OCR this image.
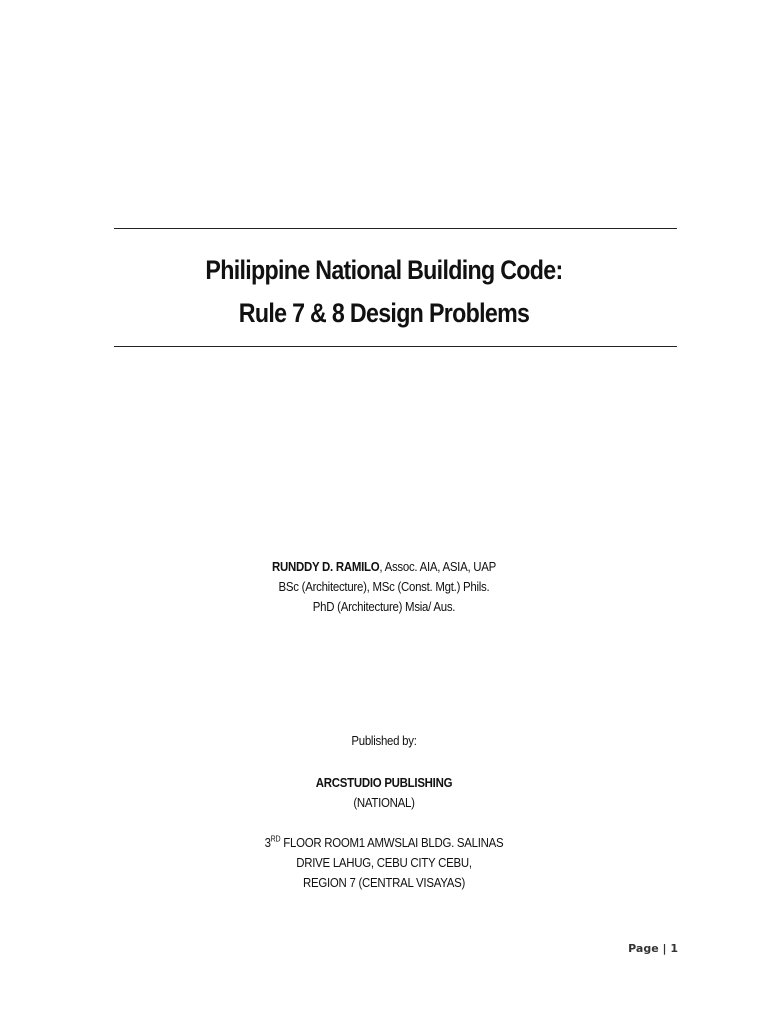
Philippine National Building Code:
Rule 7 & 8 Design Problems
RUNDDY D. RAMILO, Assoc. AIA, ASIA, UAP
BSc (Architecture), MSc (Const. Mgt.) Phils.
PhD (Architecture) Msia/ Aus.
Published by:
ARCSTUDIO PUBLISHING
(NATIONAL)
3RD FLOOR ROOM1 AMWSLAI BLDG. SALINAS
DRIVE LAHUG, CEBU CITY CEBU,
REGION 7 (CENTRAL VISAYAS)
Page | 1
